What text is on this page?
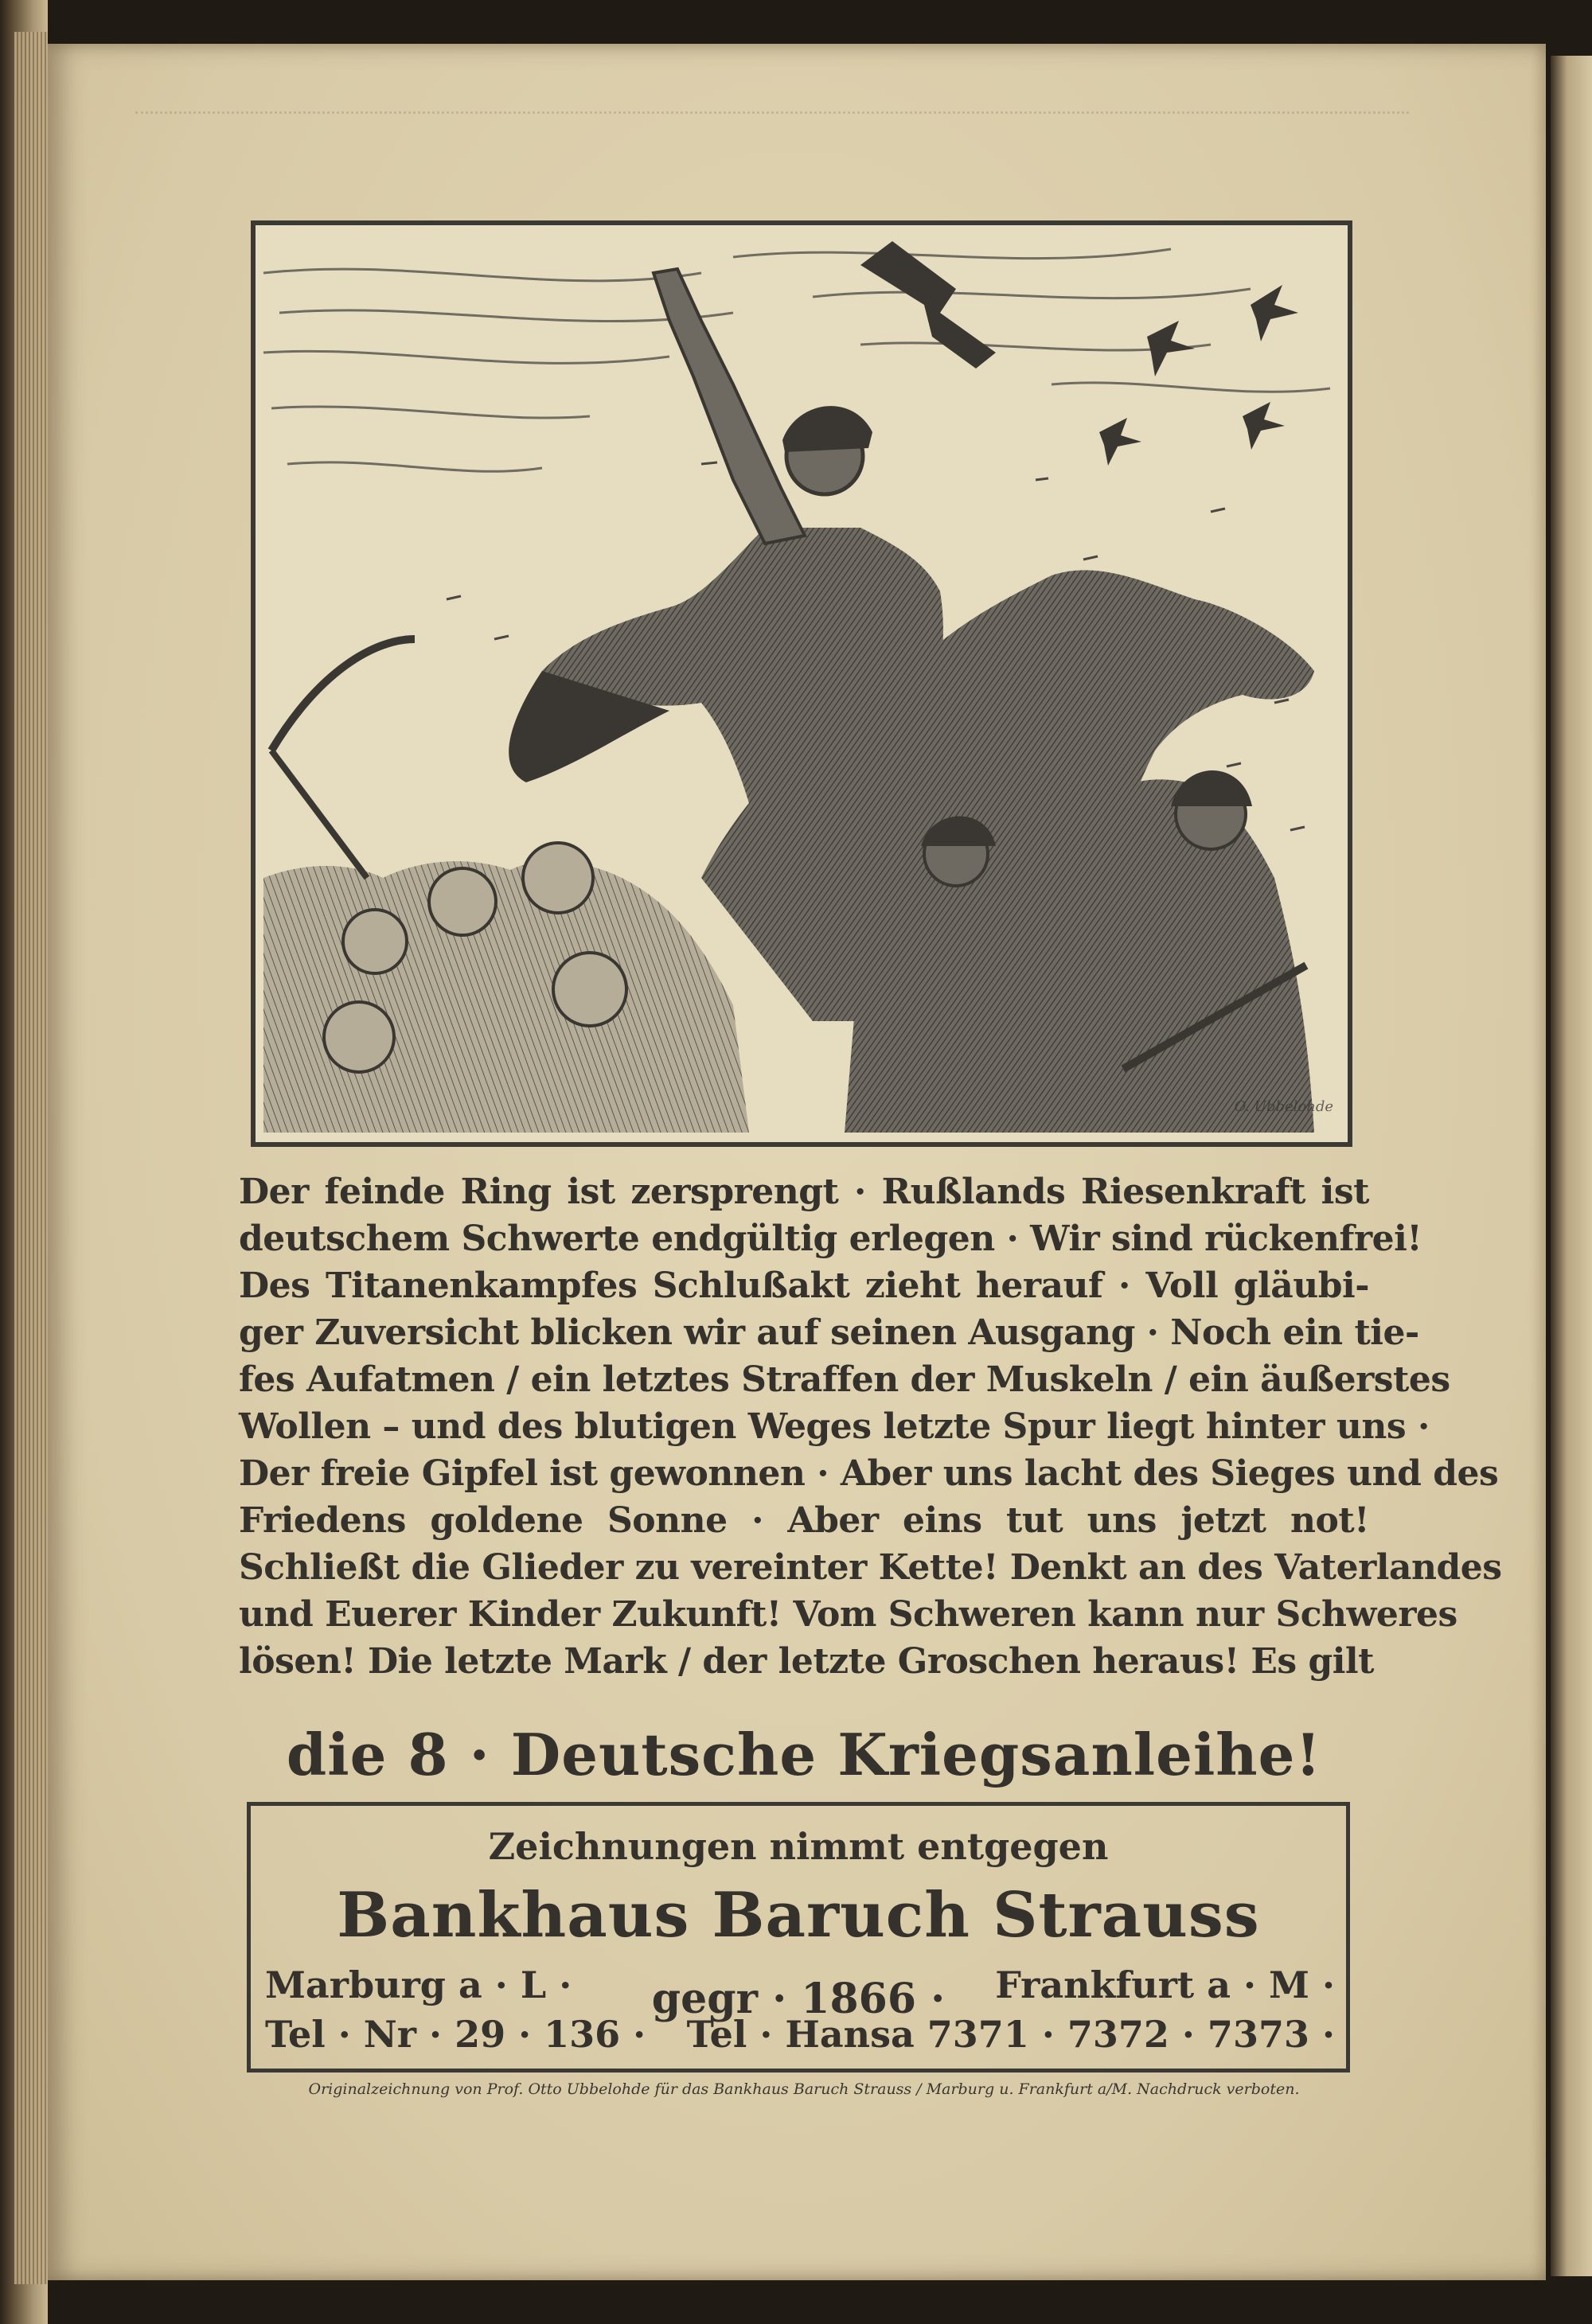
O. Ubbelohde
Der feinde Ring ist zersprengt · Rußlands Riesenkraft ist
deutschem Schwerte endgültig erlegen · Wir sind rückenfrei!
Des Titanenkampfes Schlußakt zieht herauf · Voll gläubi-
ger Zuversicht blicken wir auf seinen Ausgang · Noch ein tie-
fes Aufatmen / ein letztes Straffen der Muskeln / ein äußerstes
Wollen – und des blutigen Weges letzte Spur liegt hinter uns ·
Der freie Gipfel ist gewonnen · Aber uns lacht des Sieges und des
Friedens goldene Sonne · Aber eins tut uns jetzt not!
Schließt die Glieder zu vereinter Kette! Denkt an des Vaterlandes
und Euerer Kinder Zukunft! Vom Schweren kann nur Schweres
lösen! Die letzte Mark / der letzte Groschen heraus! Es gilt
die 8 · Deutsche Kriegsanleihe!
Zeichnungen nimmt entgegen
Bankhaus Baruch Strauss
Marburg a · L ·
Tel · Nr · 29 · 136 ·
gegr · 1866 ·	Frankfurt a · M ·
Tel · Hansa 7371 · 7372 · 7373 ·
Originalzeichnung von Prof. Otto Ubbelohde für das Bankhaus Baruch Strauss / Marburg u. Frankfurt a/M. Nachdruck verboten.
